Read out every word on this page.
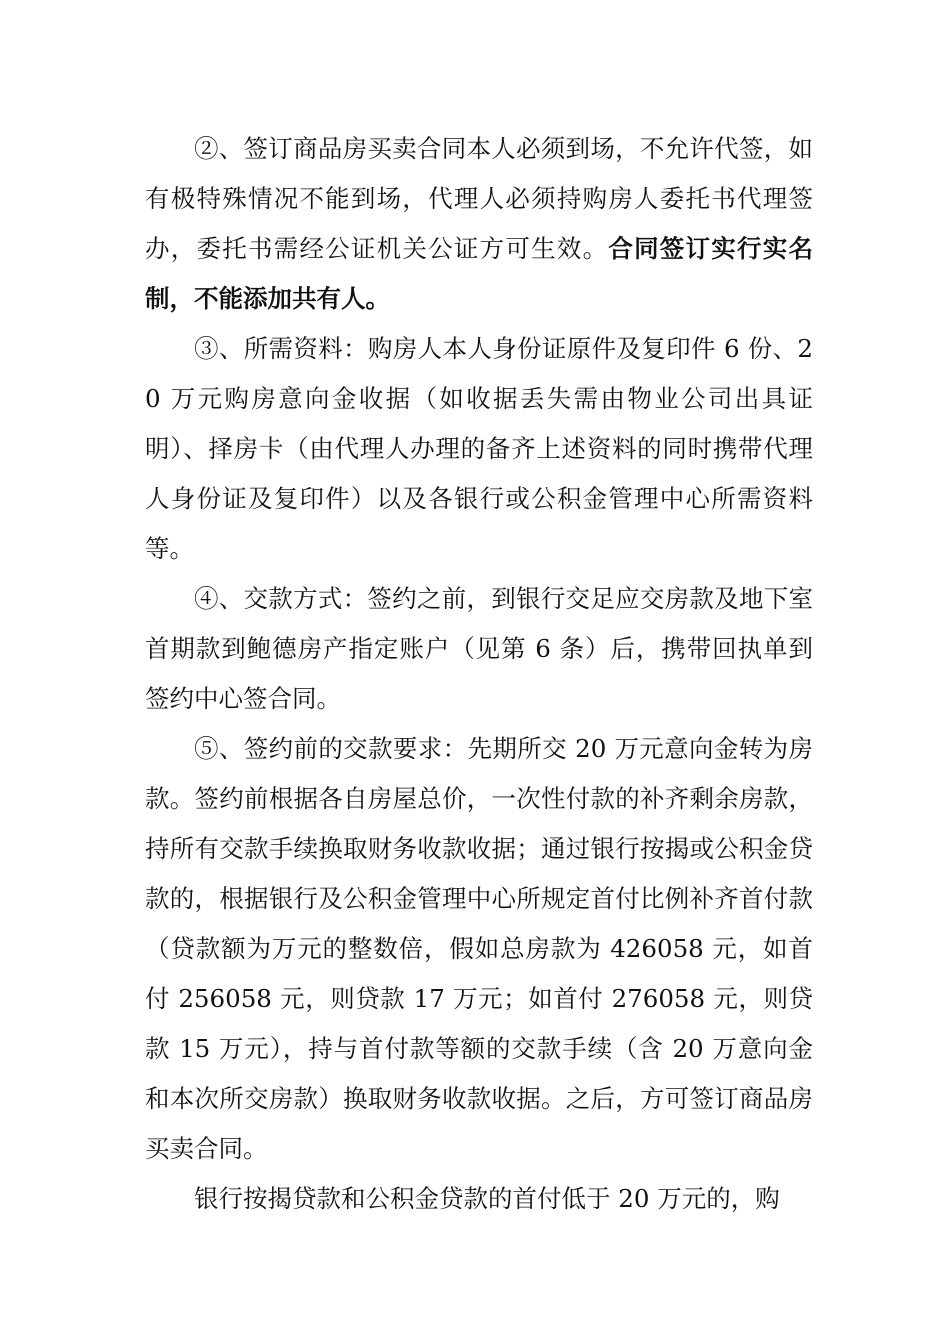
②、签订商品房买卖合同本人必须到场，不允许代签，如有极特殊情况不能到场，代理人必须持购房人委托书代理签办，委托书需经公证机关公证方可生效。合同签订实行实名制，不能添加共有人。

③、所需资料：购房人本人身份证原件及复印件 6 份、20 万元购房意向金收据（如收据丢失需由物业公司出具证明）、择房卡（由代理人办理的备齐上述资料的同时携带代理人身份证及复印件）以及各银行或公积金管理中心所需资料等。

④、交款方式：签约之前，到银行交足应交房款及地下室首期款到鲍德房产指定账户（见第 6 条）后，携带回执单到签约中心签合同。

⑤、签约前的交款要求：先期所交 20 万元意向金转为房款。签约前根据各自房屋总价，一次性付款的补齐剩余房款，持所有交款手续换取财务收款收据；通过银行按揭或公积金贷款的，根据银行及公积金管理中心所规定首付比例补齐首付款（贷款额为万元的整数倍，假如总房款为 426058 元，如首付 256058 元，则贷款 17 万元；如首付 276058 元，则贷款 15 万元），持与首付款等额的交款手续（含 20 万意向金和本次所交房款）换取财务收款收据。之后，方可签订商品房买卖合同。

银行按揭贷款和公积金贷款的首付低于 20 万元的，购
